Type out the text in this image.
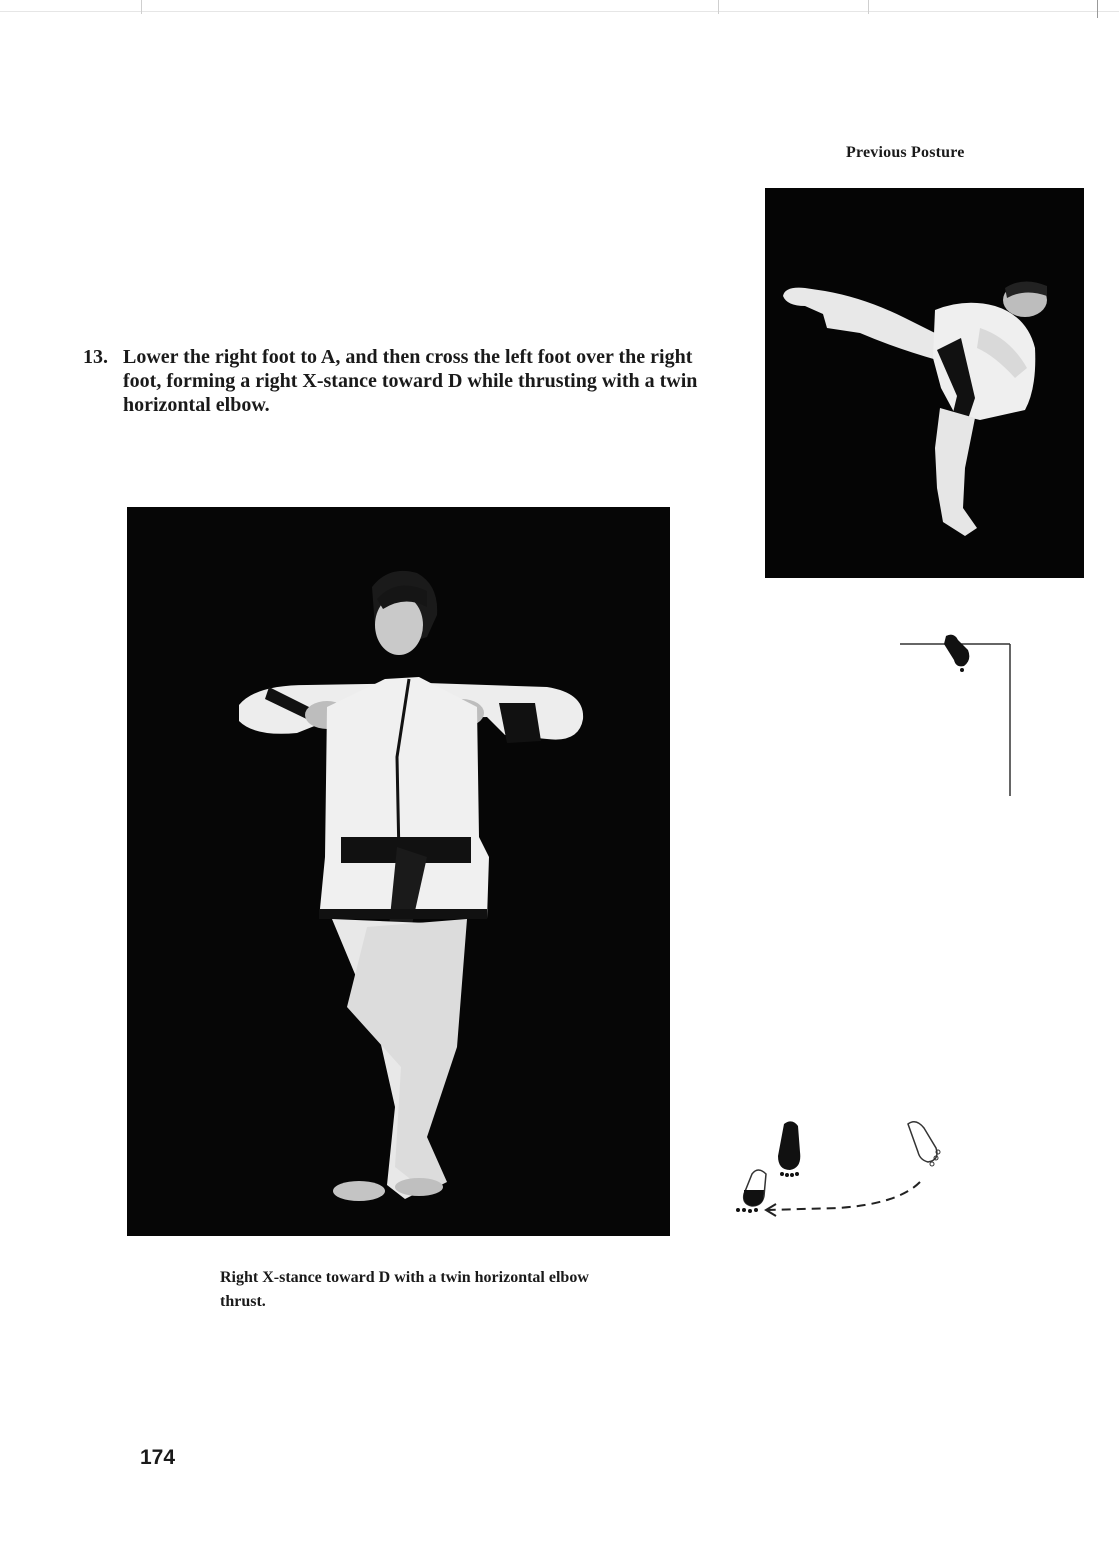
Previous Posture
13. Lower the right foot to A, and then cross the left foot over the right foot, forming a right X-stance toward D while thrusting with a twin horizontal elbow.
Right X-stance toward D with a twin horizontal elbow thrust.
174
